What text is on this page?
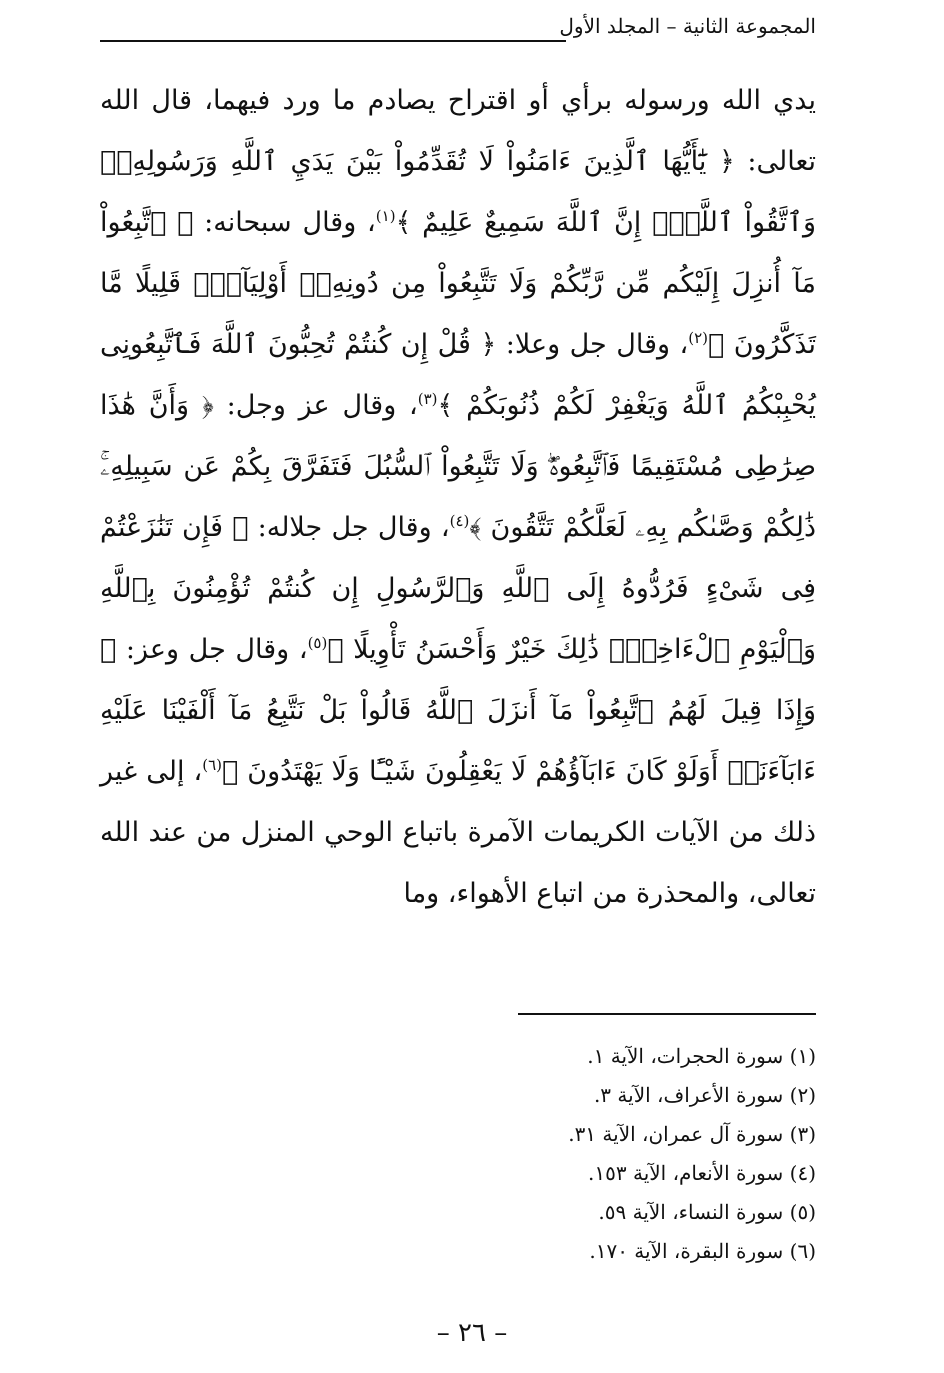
المجموعة الثانية – المجلد الأول

يدي الله ورسوله برأي أو اقتراح يصادم ما ورد فيهما، قال الله تعالى: ﴿ يَٰٓأَيُّهَا ٱلَّذِينَ ءَامَنُواْ لَا تُقَدِّمُواْ بَيْنَ يَدَيِ ٱللَّهِ وَرَسُولِهِۦۖ وَٱتَّقُواْ ٱللَّهَۚ إِنَّ ٱللَّهَ سَمِيعٌ عَلِيمٌ ﴾$^{(١)}$، وقال سبحانه: ﴿ ٱتَّبِعُواْ مَآ أُنزِلَ إِلَيْكُم مِّن رَّبِّكُمْ وَلَا تَتَّبِعُواْ مِن دُونِهِۦٓ أَوْلِيَآءَۗ قَلِيلًا مَّا تَذَكَّرُونَ ﴾$^{(٢)}$، وقال جل وعلا: ﴿ قُلْ إِن كُنتُمْ تُحِبُّونَ ٱللَّهَ فَٱتَّبِعُونِى يُحْبِبْكُمُ ٱللَّهُ وَيَغْفِرْ لَكُمْ ذُنُوبَكُمْ ﴾$^{(٣)}$، وقال عز وجل: ﴿ وَأَنَّ هَٰذَا صِرَٰطِى مُسْتَقِيمًا فَٱتَّبِعُوهُۖ وَلَا تَتَّبِعُواْ ٱلسُّبُلَ فَتَفَرَّقَ بِكُمْ عَن سَبِيلِهِۦۚ ذَٰلِكُمْ وَصَّىٰكُم بِهِۦ لَعَلَّكُمْ تَتَّقُونَ ﴾$^{(٤)}$، وقال جل جلاله: ﴿ فَإِن تَنَٰزَعْتُمْ فِى شَىْءٍ فَرُدُّوهُ إِلَى ٱللَّهِ وَٱلرَّسُولِ إِن كُنتُمْ تُؤْمِنُونَ بِٱللَّهِ وَٱلْيَوْمِ ٱلْءَاخِرِۚ ذَٰلِكَ خَيْرٌ وَأَحْسَنُ تَأْوِيلًا ﴾$^{(٥)}$، وقال جل وعز: ﴿ وَإِذَا قِيلَ لَهُمُ ٱتَّبِعُواْ مَآ أَنزَلَ ٱللَّهُ قَالُواْ بَلْ نَتَّبِعُ مَآ أَلْفَيْنَا عَلَيْهِ ءَابَآءَنَآۗ أَوَلَوْ كَانَ ءَابَآؤُهُمْ لَا يَعْقِلُونَ شَيْـًٔا وَلَا يَهْتَدُونَ ﴾$^{(٦)}$، إلى غير ذلك من الآيات الكريمات الآمرة باتباع الوحي المنزل من عند الله تعالى، والمحذرة من اتباع الأهواء، وما

(١) سورة الحجرات، الآية ١.
(٢) سورة الأعراف، الآية ٣.
(٣) سورة آل عمران، الآية ٣١.
(٤) سورة الأنعام، الآية ١٥٣.
(٥) سورة النساء، الآية ٥٩.
(٦) سورة البقرة، الآية ١٧٠.
– ٢٦ –
